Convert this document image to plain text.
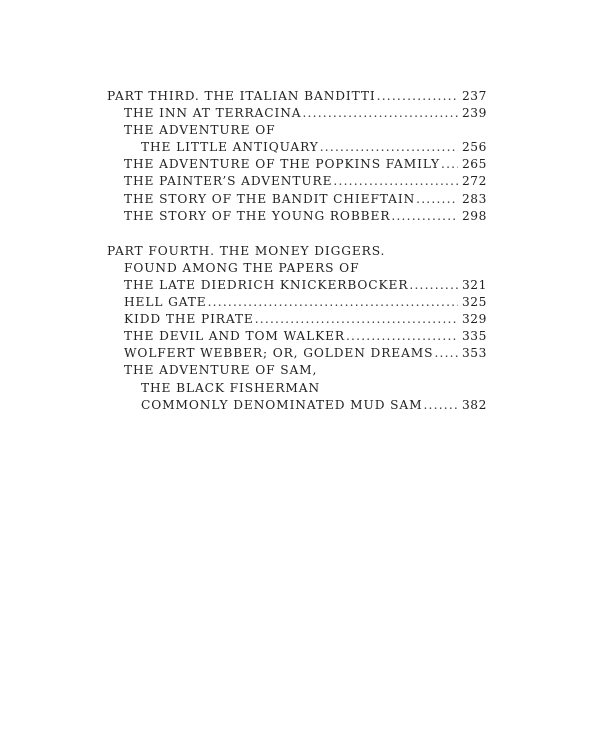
PART THIRD. THE ITALIAN BANDITTI .....	237
THE INN AT TERRACINA .....	239
THE ADVENTURE OF
THE LITTLE ANTIQUARY .....	256
THE ADVENTURE OF THE POPKINS FAMILY ..... 265
THE PAINTER’S ADVENTURE .....	272
THE STORY OF THE BANDIT CHIEFTAIN .....	283
THE STORY OF THE YOUNG ROBBER .....	298
PART FOURTH. THE MONEY DIGGERS.
FOUND AMONG THE PAPERS OF
THE LATE DIEDRICH KNICKERBOCKER .....	321
HELL GATE .....	325
KIDD THE PIRATE .....	329
THE DEVIL AND TOM WALKER .....	335
WOLFERT WEBBER; OR, GOLDEN DREAMS ..... 353
THE ADVENTURE OF SAM,
THE BLACK FISHERMAN
COMMONLY DENOMINATED MUD SAM .....	382
